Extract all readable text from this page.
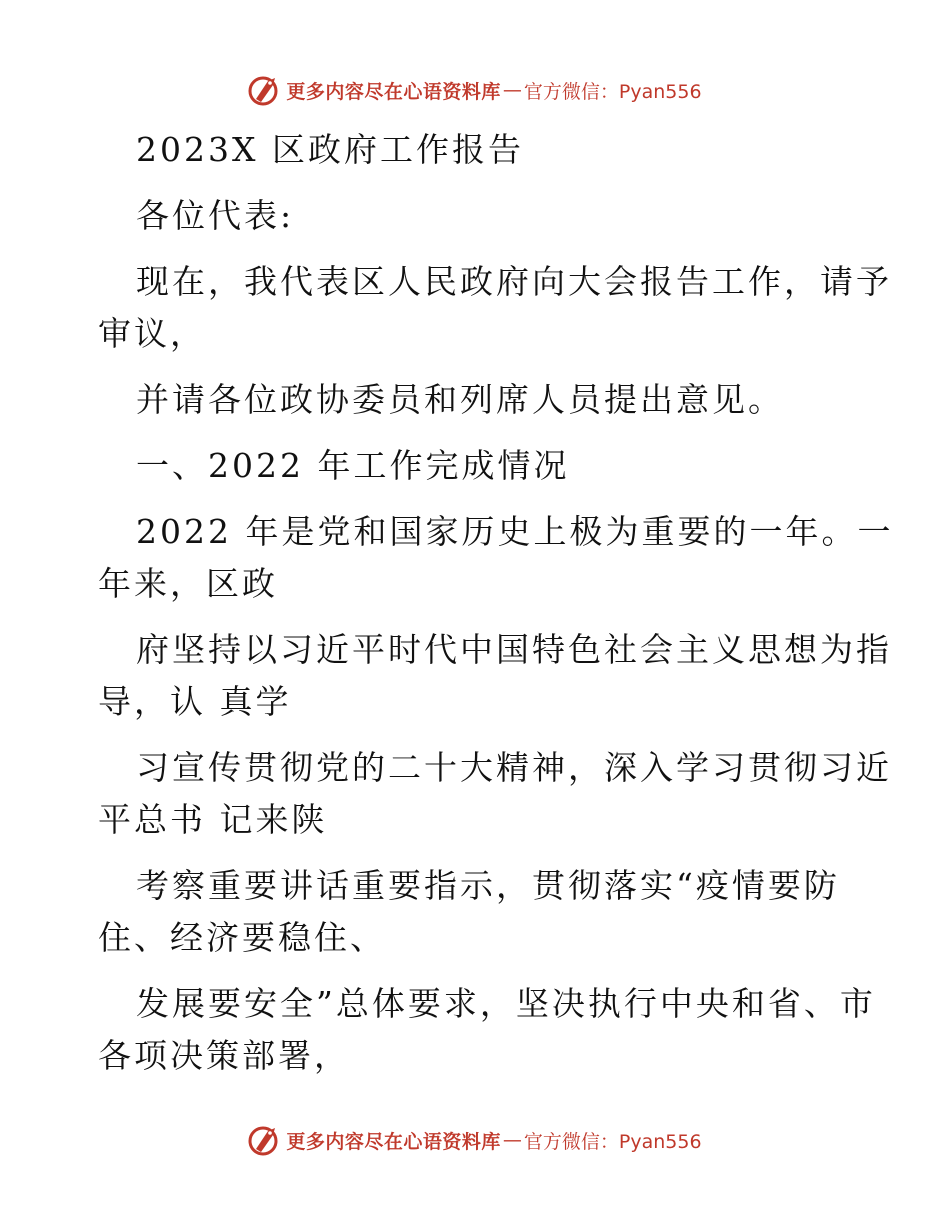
更多内容尽在心语资料库 — 官方微信：Pyan556

2023X 区政府工作报告

各位代表:

现在，我代表区人民政府向大会报告工作，请予

审议，

并请各位政协委员和列席人员提出意见。

一、2022 年工作完成情况

2022 年是党和国家历史上极为重要的一年。一

年来，区政

府坚持以习近平时代中国特色社会主义思想为指

导，认 真学

习宣传贯彻党的二十大精神，深入学习贯彻习近

平总书 记来陕

考察重要讲话重要指示，贯彻落实“疫情要防

住、经济要稳住、

发展要安全”总体要求，坚决执行中央和省、市

各项决策部署，

更多内容尽在心语资料库 — 官方微信：Pyan556
